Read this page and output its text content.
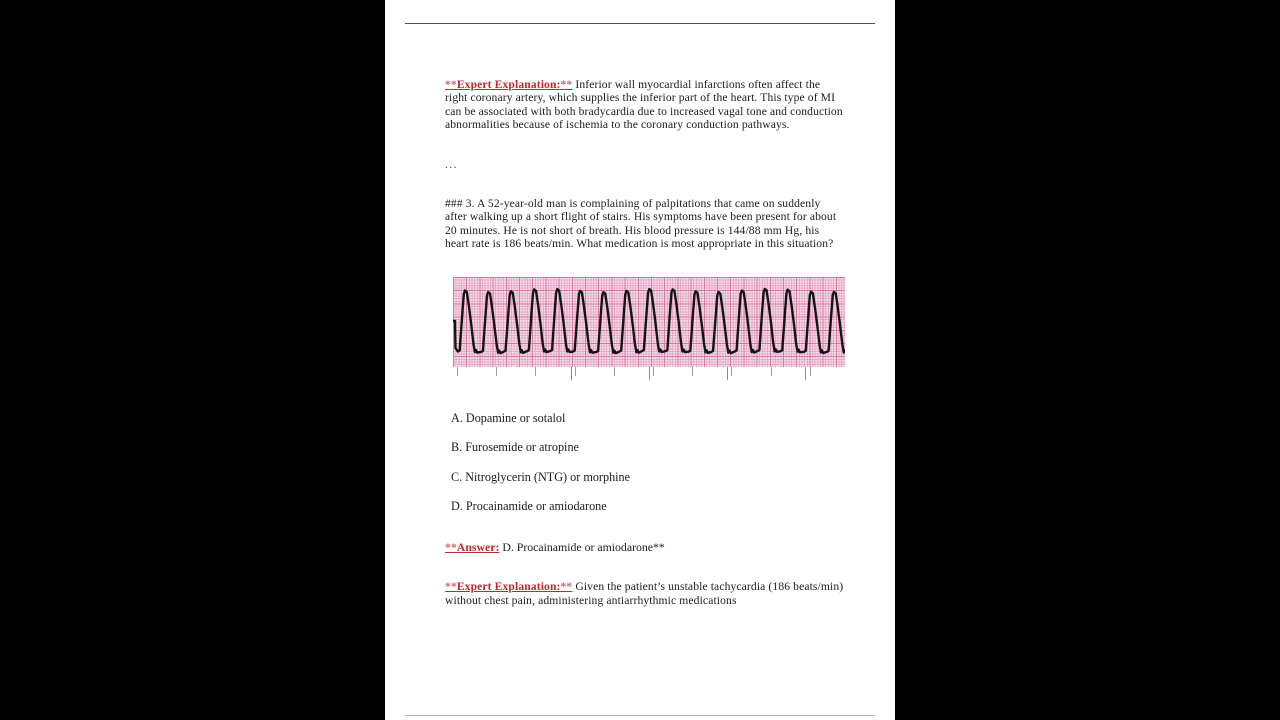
**Expert Explanation:** Inferior wall myocardial infarctions often affect the right coronary artery, which supplies the inferior part of the heart. This type of MI can be associated with both bradycardia due to increased vagal tone and conduction abnormalities because of ischemia to the coronary conduction pathways.

...

### 3. A 52-year-old man is complaining of palpitations that came on suddenly after walking up a short flight of stairs. His symptoms have been present for about 20 minutes. He is not short of breath. His blood pressure is 144/88 mm Hg, his heart rate is 186 beats/min. What medication is most appropriate in this situation?

A. Dopamine or sotalol
B. Furosemide or atropine
C. Nitroglycerin (NTG) or morphine
D. Procainamide or amiodarone

**Answer: D. Procainamide or amiodarone**

**Expert Explanation:** Given the patient’s unstable tachycardia (186 beats/min) without chest pain, administering antiarrhythmic medications
